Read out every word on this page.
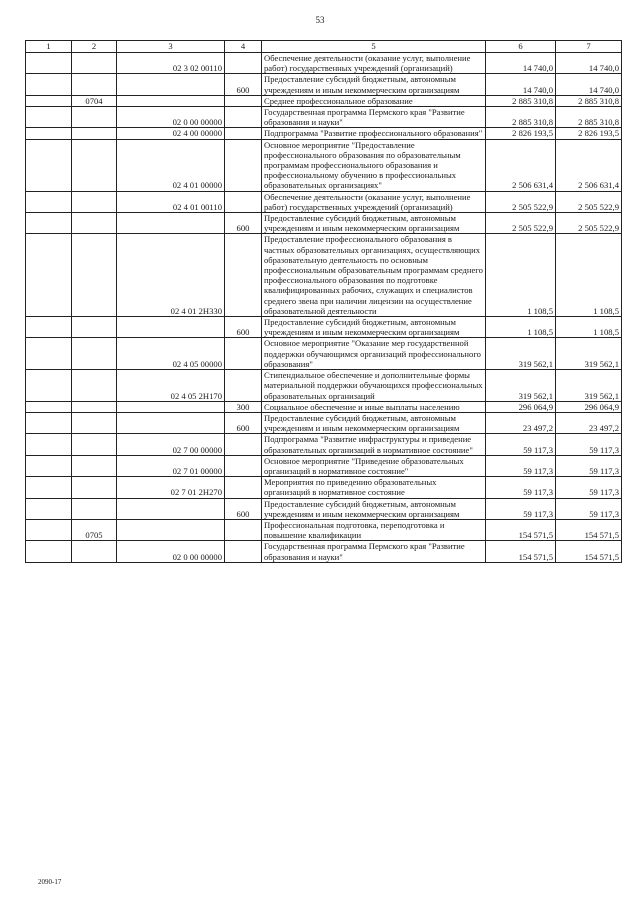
53
1	2	3	4	5	6	7
		02 3 02 00110		Обеспечение деятельности (оказание услуг, выполнение работ) государственных учреждений (организаций)	14 740,0	14 740,0
			600	Предоставление субсидий бюджетным, автономным учреждениям и иным некоммерческим организациям	14 740,0	14 740,0
	0704			Среднее профессиональное образование	2 885 310,8	2 885 310,8
		02 0 00 00000		Государственная программа Пермского края "Развитие образования и науки"	2 885 310,8	2 885 310,8
		02 4 00 00000		Подпрограмма "Развитие профессионального образования"	2 826 193,5	2 826 193,5
		02 4 01 00000		Основное мероприятие "Предоставление профессионального образования по образовательным программам профессионального образования и профессиональному обучению в профессиональных образовательных организациях"	2 506 631,4	2 506 631,4
		02 4 01 00110		Обеспечение деятельности (оказание услуг, выполнение работ) государственных учреждений (организаций)	2 505 522,9	2 505 522,9
			600	Предоставление субсидий бюджетным, автономным учреждениям и иным некоммерческим организациям	2 505 522,9	2 505 522,9
		02 4 01 2Н330		Предоставление профессионального образования в частных образовательных организациях, осуществляющих образовательную деятельность по основным профессиональным образовательным программам среднего профессионального образования по подготовке квалифицированных рабочих, служащих и специалистов среднего звена при наличии лицензии на осуществление образовательной деятельности	1 108,5	1 108,5
			600	Предоставление субсидий бюджетным, автономным учреждениям и иным некоммерческим организациям	1 108,5	1 108,5
		02 4 05 00000		Основное мероприятие "Оказание мер государственной поддержки обучающимся организаций профессионального образования"	319 562,1	319 562,1
		02 4 05 2Н170		Стипендиальное обеспечение и дополнительные формы материальной поддержки обучающихся профессиональных образовательных организаций	319 562,1	319 562,1
			300	Социальное обеспечение и иные выплаты населению	296 064,9	296 064,9
			600	Предоставление субсидий бюджетным, автономным учреждениям и иным некоммерческим организациям	23 497,2	23 497,2
		02 7 00 00000		Подпрограмма "Развитие инфраструктуры и приведение образовательных организаций в нормативное состояние"	59 117,3	59 117,3
		02 7 01 00000		Основное мероприятие "Приведение образовательных организаций в нормативное состояние"	59 117,3	59 117,3
		02 7 01 2Н270		Мероприятия по приведению образовательных организаций в нормативное состояние	59 117,3	59 117,3
			600	Предоставление субсидий бюджетным, автономным учреждениям и иным некоммерческим организациям	59 117,3	59 117,3
	0705			Профессиональная подготовка, переподготовка и повышение квалификации	154 571,5	154 571,5
		02 0 00 00000		Государственная программа Пермского края "Развитие образования и науки"	154 571,5	154 571,5
2090-17
